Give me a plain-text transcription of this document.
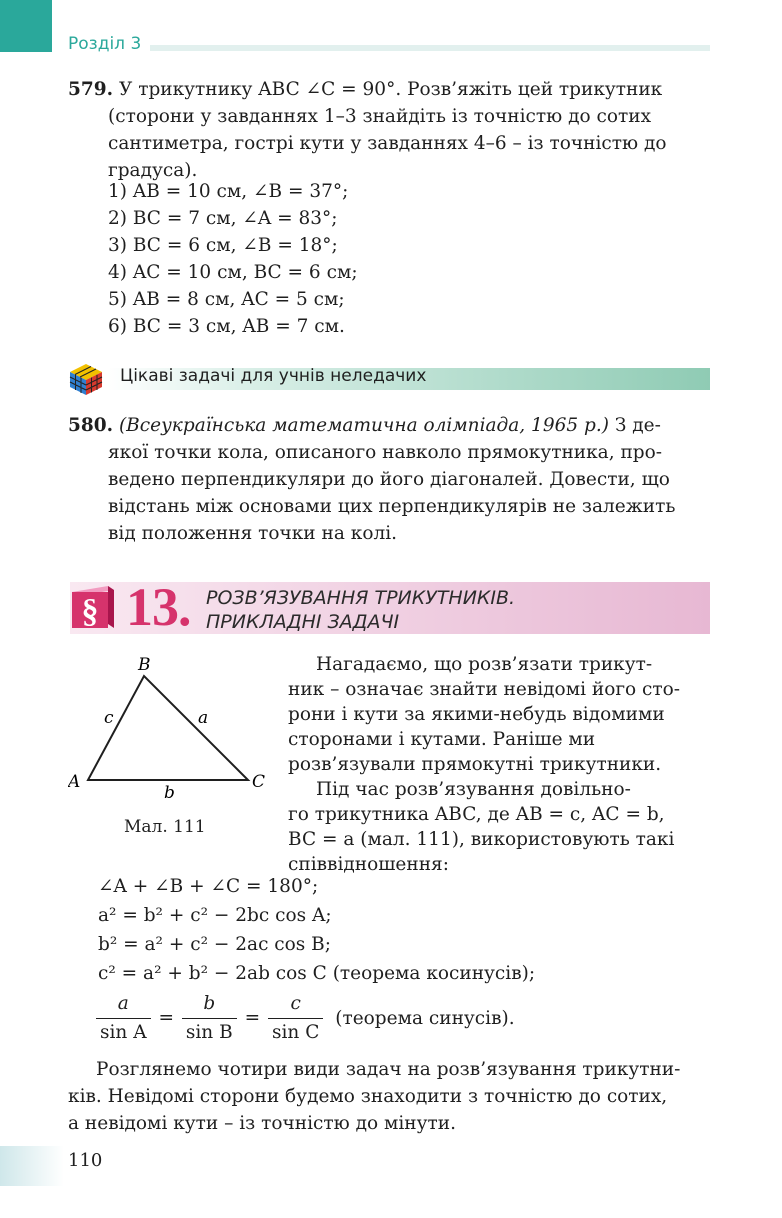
Розділ 3
579. У трикутнику ABC ∠C = 90°. Розв’яжіть цей трикутник
(сторони у завданнях 1–3 знайдіть із точністю до сотих
сантиметра, гострі кути у завданнях 4–6 – із точністю до
градуса).
1) AB = 10 см, ∠B = 37°;
2) BC = 7 см, ∠A = 83°;
3) BC = 6 см, ∠B = 18°;
4) AC = 10 см, BC = 6 см;
5) AB = 8 см, AC = 5 см;
6) BC = 3 см, AB = 7 см.
Цікаві задачі для учнів неледачих
580. (Всеукраїнська математична олімпіада, 1965 р.) З де-
якої точки кола, описаного навколо прямокутника, про-
ведено перпендикуляри до його діагоналей. Довести, що
відстань між основами цих перпендикулярів не залежить
від положення точки на колі.
§ 13. РОЗВ’ЯЗУВАННЯ ТРИКУТНИКІВ.
ПРИКЛАДНІ ЗАДАЧІ
B
A	C
c	a
b
Мал. 111
Нагадаємо, що розв’язати трикут-
ник – означає знайти невідомі його сто-
рони і кути за якими-небудь відомими
сторонами і кутами. Раніше ми
розв’язували прямокутні трикутники.
Під час розв’язування довільно-
го трикутника ABC, де AB = c, AC = b,
BC = a (мал. 111), використовують такі
співвідношення:
∠A + ∠B + ∠C = 180°;
a² = b² + c² − 2bc cos A;
b² = a² + c² − 2ac cos B;
c² = a² + b² − 2ab cos C (теорема косинусів);
$\frac{a}{\text{sin A}} = \frac{b}{\text{sin B}} = \frac{c}{\text{sin C}}$ (теорема синусів).
Розглянемо чотири види задач на розв’язування трикутни-
ків. Невідомі сторони будемо знаходити з точністю до сотих,
а невідомі кути – із точністю до мінути.
110
